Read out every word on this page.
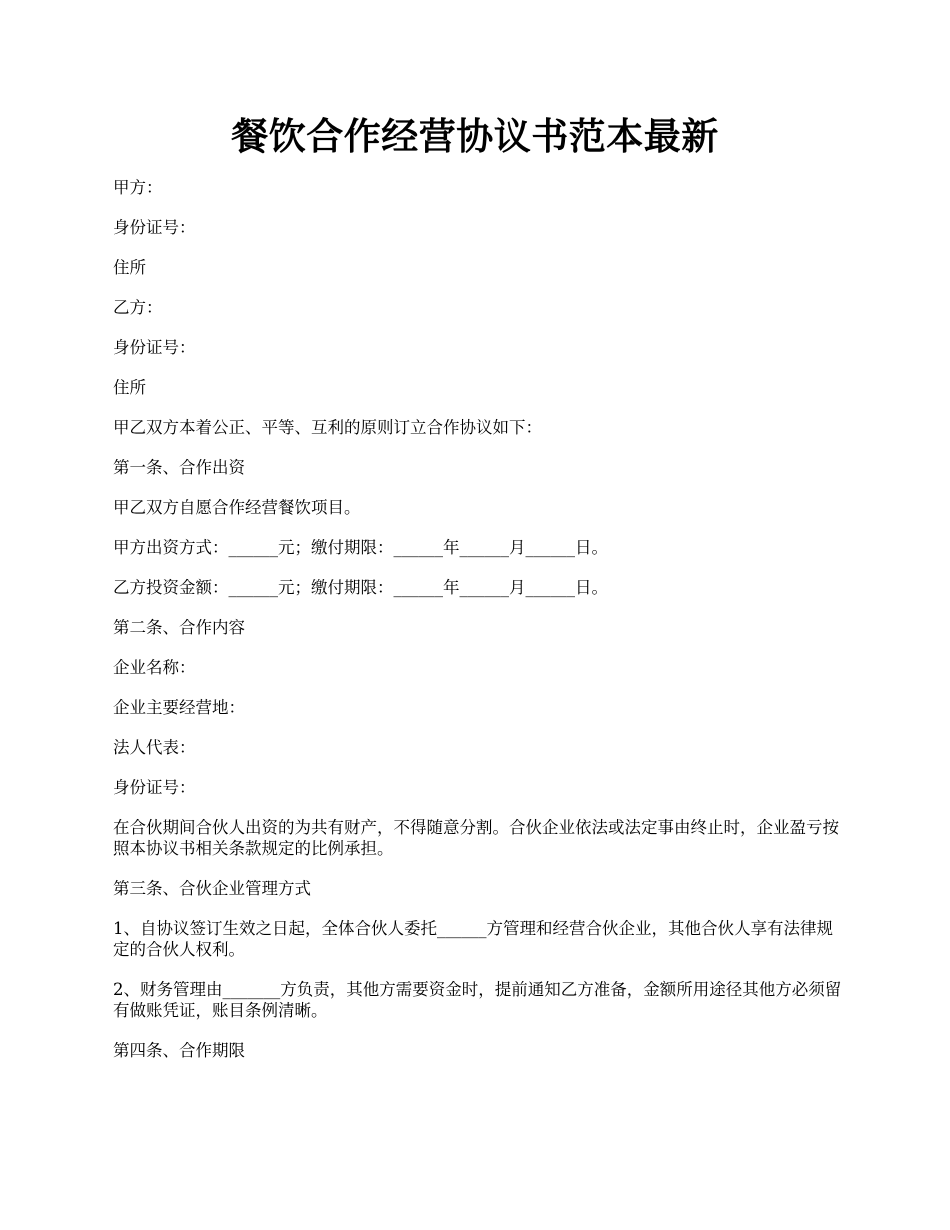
餐饮合作经营协议书范本最新

甲方：

身份证号：

住所

乙方：

身份证号：

住所

甲乙双方本着公正、平等、互利的原则订立合作协议如下：

第一条、合作出资

甲乙双方自愿合作经营餐饮项目。

甲方出资方式：______元；缴付期限：______年______月______日。

乙方投资金额：______元；缴付期限：______年______月______日。

第二条、合作内容

企业名称：

企业主要经营地：

法人代表：

身份证号：

在合伙期间合伙人出资的为共有财产，不得随意分割。合伙企业依法或法定事由终止时，企业盈亏按照本协议书相关条款规定的比例承担。

第三条、合伙企业管理方式

1、自协议签订生效之日起，全体合伙人委托______方管理和经营合伙企业，其他合伙人享有法律规定的合伙人权利。

2、财务管理由_______方负责，其他方需要资金时，提前通知乙方准备，金额所用途径其他方必须留有做账凭证，账目条例清晰。

第四条、合作期限
